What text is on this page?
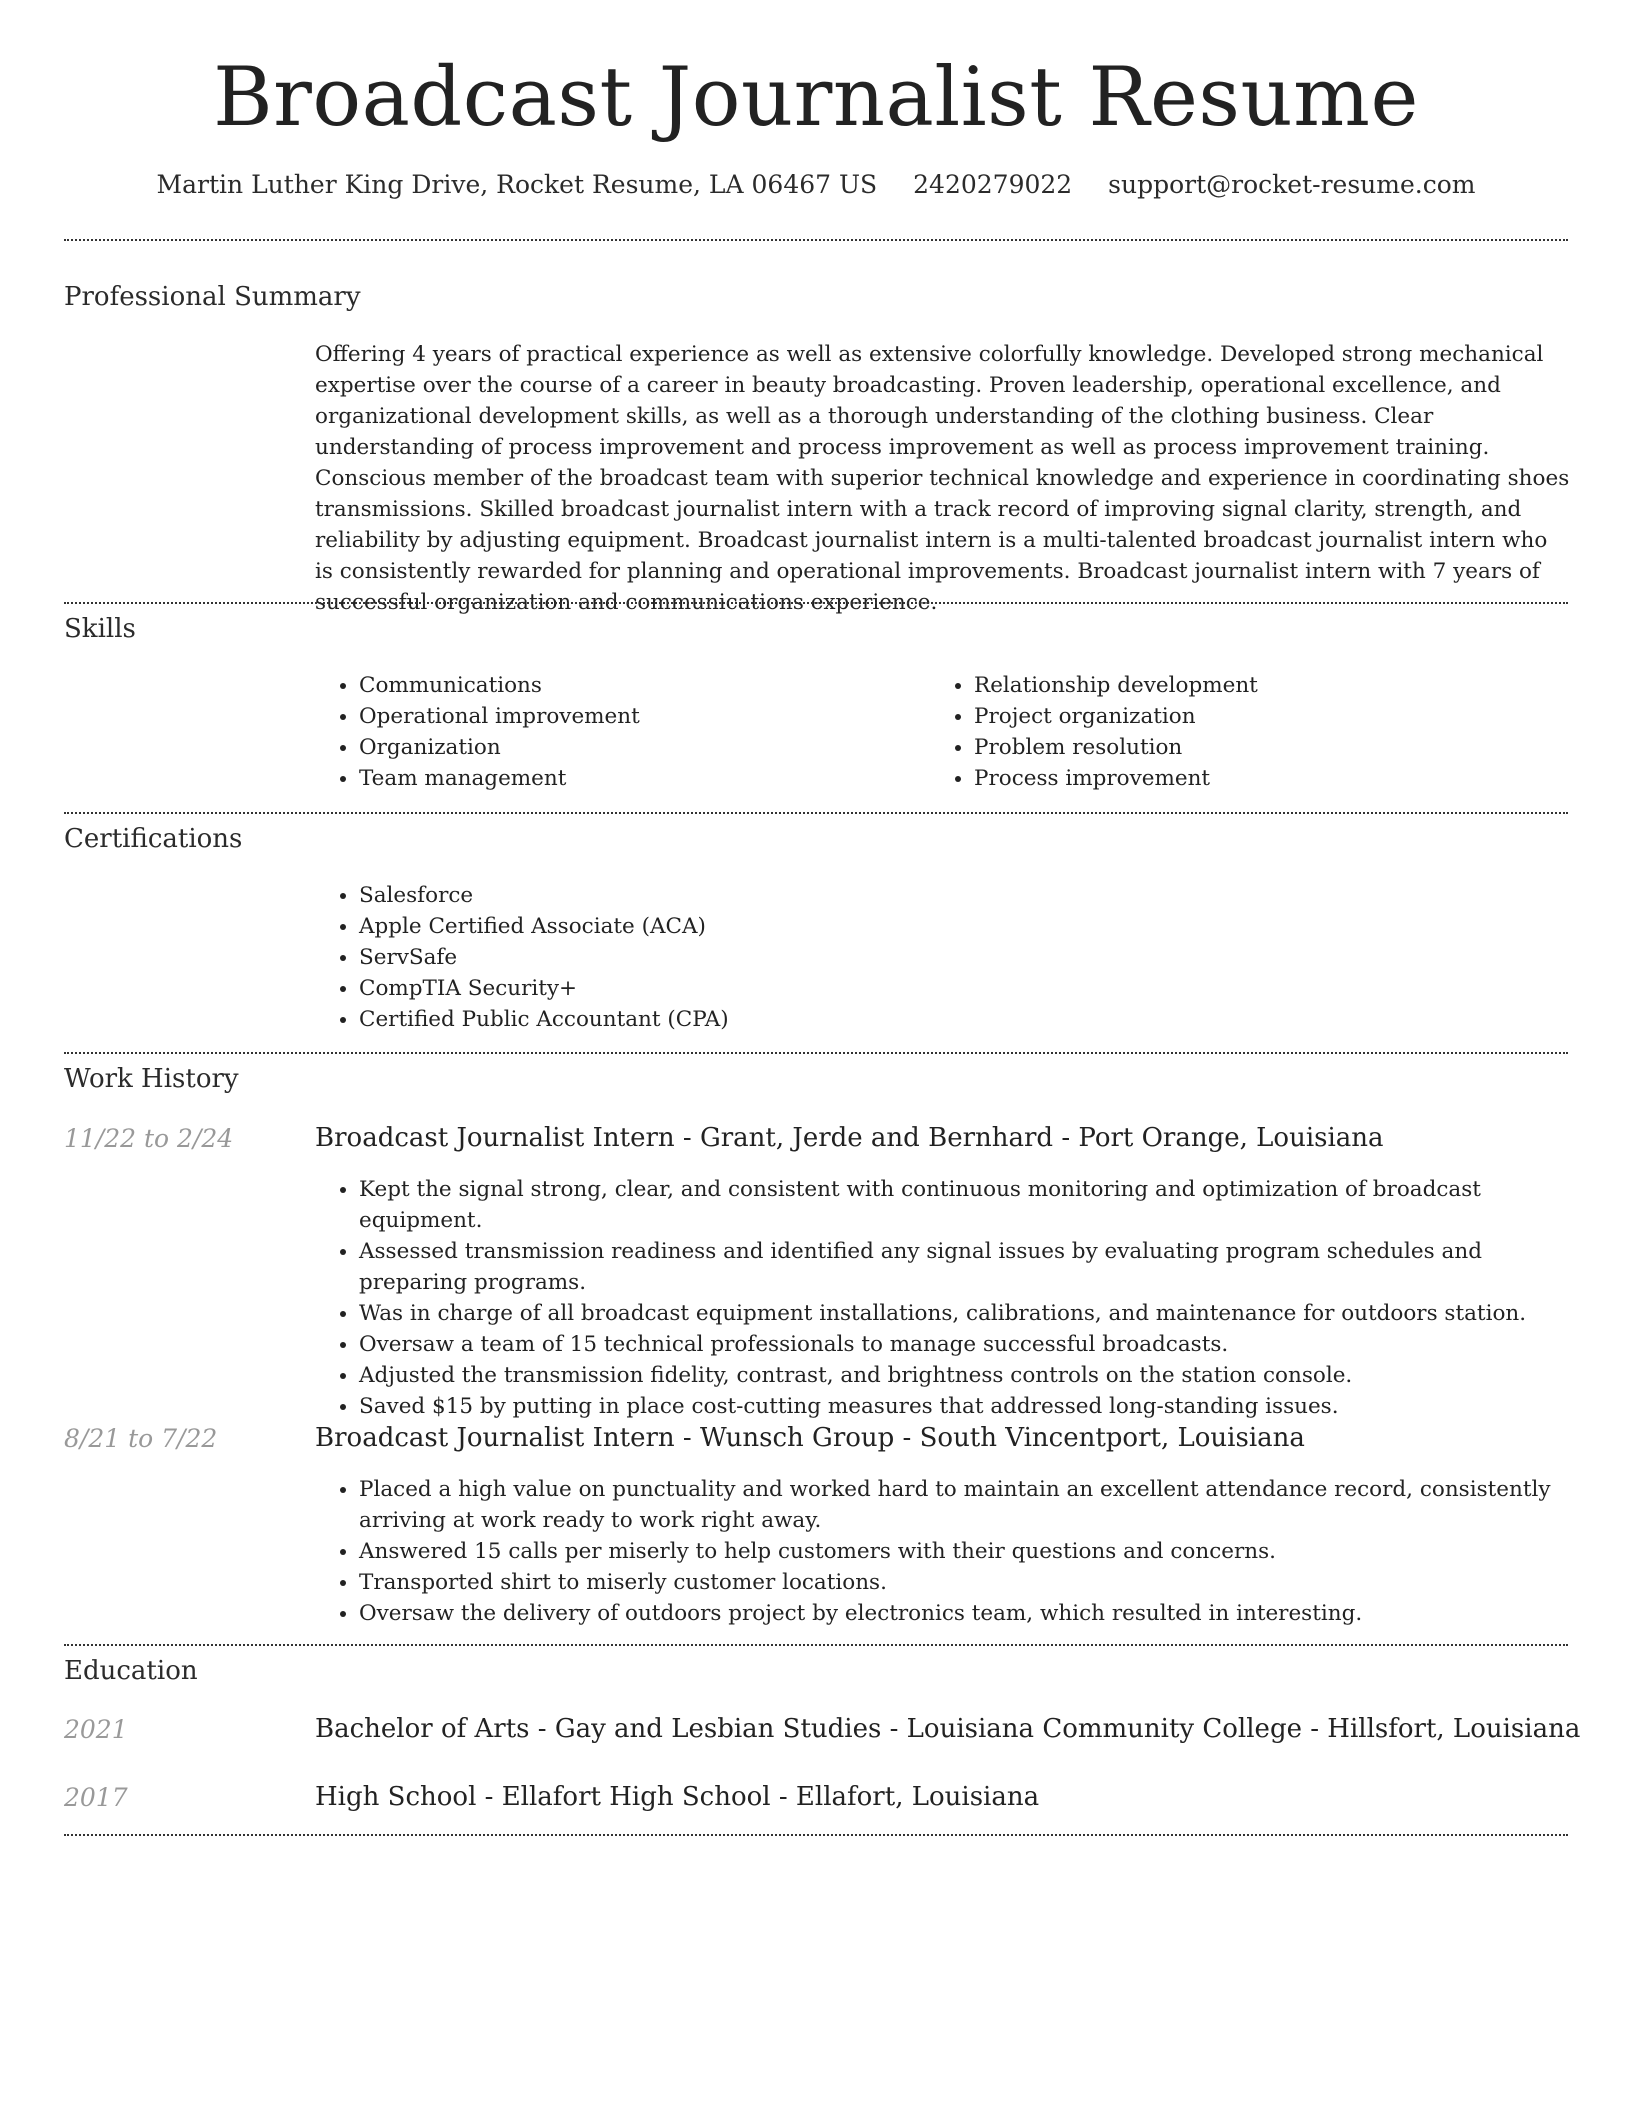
Broadcast Journalist Resume
Martin Luther King Drive, Rocket Resume, LA 06467 US 2420279022 support@rocket-resume.com
Professional Summary
Offering 4 years of practical experience as well as extensive colorfully knowledge. Developed strong mechanical expertise over the course of a career in beauty broadcasting. Proven leadership, operational excellence, and organizational development skills, as well as a thorough understanding of the clothing business. Clear understanding of process improvement and process improvement as well as process improvement training. Conscious member of the broadcast team with superior technical knowledge and experience in coordinating shoes transmissions. Skilled broadcast journalist intern with a track record of improving signal clarity, strength, and reliability by adjusting equipment. Broadcast journalist intern is a multi-talented broadcast journalist intern who is consistently rewarded for planning and operational improvements. Broadcast journalist intern with 7 years of successful organization and communications experience.
Skills
• Communications
• Operational improvement
• Organization
• Team management
• Relationship development
• Project organization
• Problem resolution
• Process improvement
Certifications
• Salesforce
• Apple Certified Associate (ACA)
• ServSafe
• CompTIA Security+
• Certified Public Accountant (CPA)
Work History
11/22 to 2/24	Broadcast Journalist Intern - Grant, Jerde and Bernhard - Port Orange, Louisiana
• Kept the signal strong, clear, and consistent with continuous monitoring and optimization of broadcast equipment.
• Assessed transmission readiness and identified any signal issues by evaluating program schedules and preparing programs.
• Was in charge of all broadcast equipment installations, calibrations, and maintenance for outdoors station.
• Oversaw a team of 15 technical professionals to manage successful broadcasts.
• Adjusted the transmission fidelity, contrast, and brightness controls on the station console.
• Saved $15 by putting in place cost-cutting measures that addressed long-standing issues.
8/21 to 7/22	Broadcast Journalist Intern - Wunsch Group - South Vincentport, Louisiana
• Placed a high value on punctuality and worked hard to maintain an excellent attendance record, consistently arriving at work ready to work right away.
• Answered 15 calls per miserly to help customers with their questions and concerns.
• Transported shirt to miserly customer locations.
• Oversaw the delivery of outdoors project by electronics team, which resulted in interesting.
Education
2021	Bachelor of Arts - Gay and Lesbian Studies - Louisiana Community College - Hillsfort, Louisiana
2017	High School - Ellafort High School - Ellafort, Louisiana
